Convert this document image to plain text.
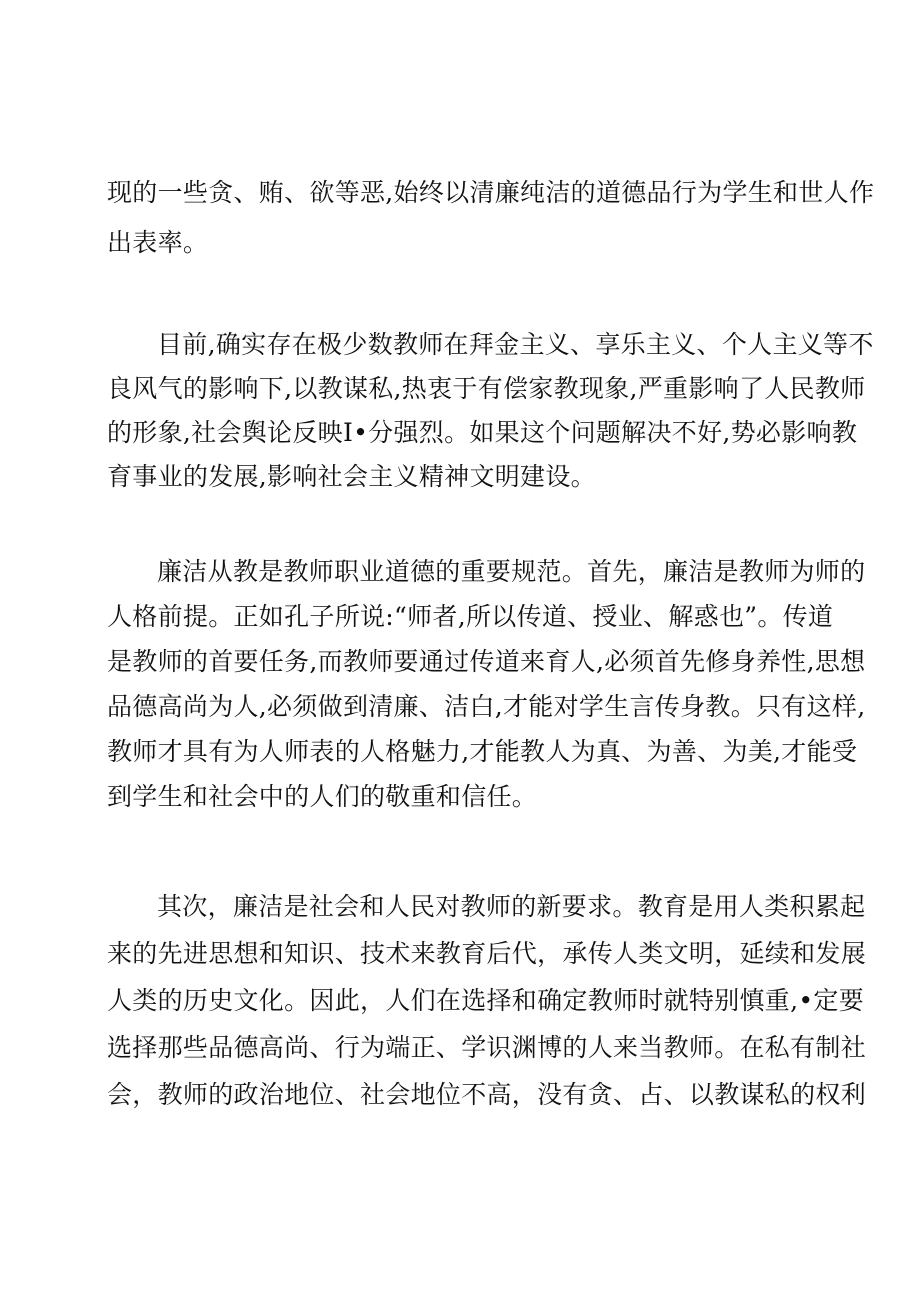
现的一些贪、贿、欲等恶,始终以清廉纯洁的道德品行为学生和世人作
出表率。
目前,确实存在极少数教师在拜金主义、享乐主义、个人主义等不
良风气的影响下,以教谋私,热衷于有偿家教现象,严重影响了人民教师
的形象,社会舆论反映I•分强烈。如果这个问题解决不好,势必影响教
育事业的发展,影响社会主义精神文明建设。
廉洁从教是教师职业道德的重要规范。首先，廉洁是教师为师的
人格前提。正如孔子所说:“师者,所以传道、授业、解惑也”。传道
是教师的首要任务,而教师要通过传道来育人,必须首先修身养性,思想
品德高尚为人,必须做到清廉、洁白,才能对学生言传身教。只有这样,
教师才具有为人师表的人格魅力,才能教人为真、为善、为美,才能受
到学生和社会中的人们的敬重和信任。
其次，廉洁是社会和人民对教师的新要求。教育是用人类积累起
来的先进思想和知识、技术来教育后代，承传人类文明，延续和发展
人类的历史文化。因此，人们在选择和确定教师时就特别慎重,•定要
选择那些品德高尚、行为端正、学识渊博的人来当教师。在私有制社
会，教师的政治地位、社会地位不高，没有贪、占、以教谋私的权利
